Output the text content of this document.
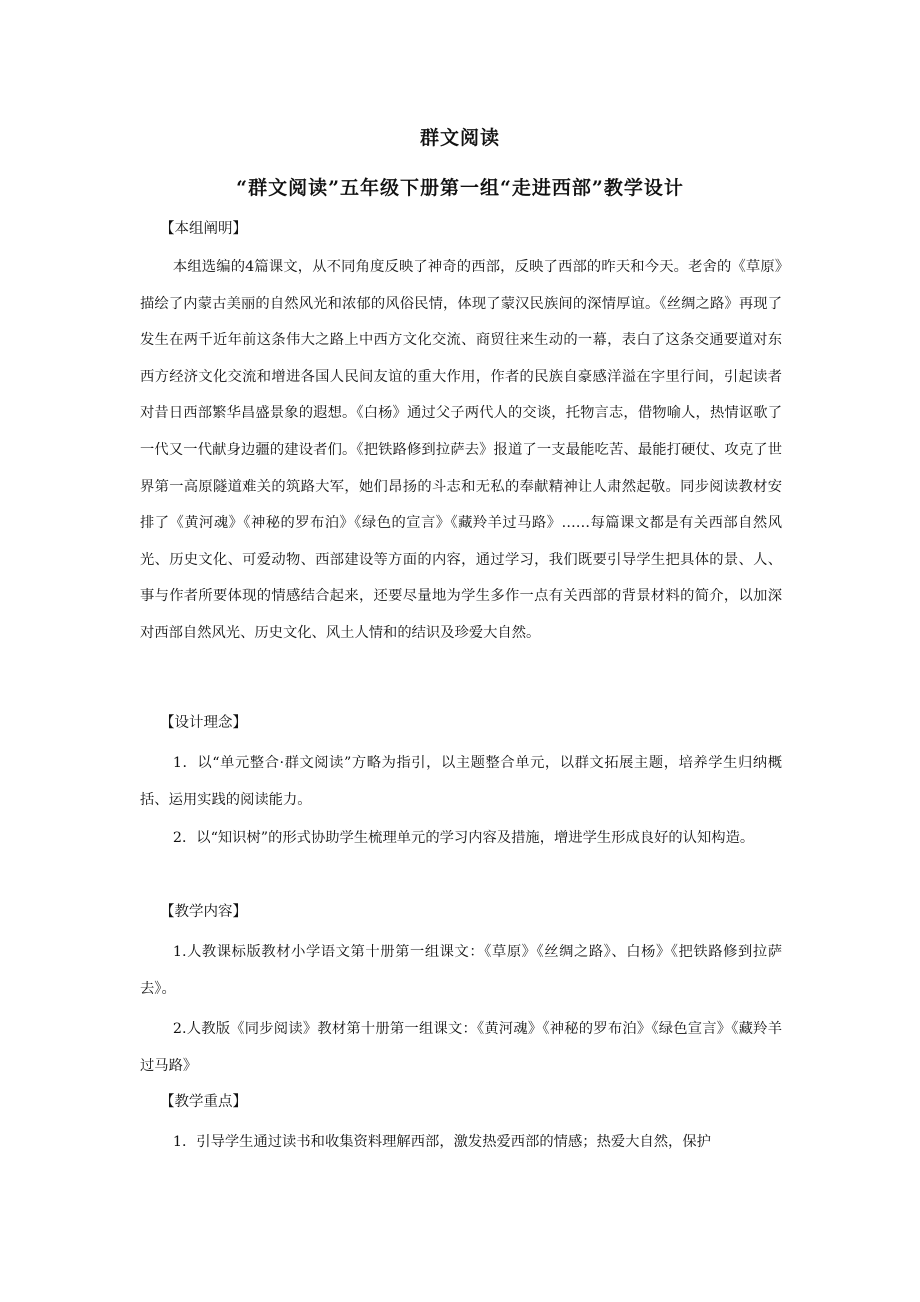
群文阅读
“群文阅读”五年级下册第一组“走进西部”教学设计
【本组阐明】

本组选编的4篇课文，从不同角度反映了神奇的西部，反映了西部的昨天和今天。老舍的《草原》描绘了内蒙古美丽的自然风光和浓郁的风俗民情，体现了蒙汉民族间的深情厚谊。《丝绸之路》再现了发生在两千近年前这条伟大之路上中西方文化交流、商贸往来生动的一幕，表白了这条交通要道对东西方经济文化交流和增进各国人民间友谊的重大作用，作者的民族自豪感洋溢在字里行间，引起读者对昔日西部繁华昌盛景象的遐想。《白杨》通过父子两代人的交谈，托物言志，借物喻人，热情讴歌了一代又一代献身边疆的建设者们。《把铁路修到拉萨去》报道了一支最能吃苦、最能打硬仗、攻克了世界第一高原隧道难关的筑路大军，她们昂扬的斗志和无私的奉献精神让人肃然起敬。同步阅读教材安排了《黄河魂》《神秘的罗布泊》《绿色的宣言》《藏羚羊过马路》……每篇课文都是有关西部自然风光、历史文化、可爱动物、西部建设等方面的内容，通过学习，我们既要引导学生把具体的景、人、事与作者所要体现的情感结合起来，还要尽量地为学生多作一点有关西部的背景材料的简介，以加深对西部自然风光、历史文化、风土人情和的结识及珍爱大自然。

【设计理念】

1．以“单元整合·群文阅读”方略为指引，以主题整合单元，以群文拓展主题，培养学生归纳概括、运用实践的阅读能力。

2．以“知识树”的形式协助学生梳理单元的学习内容及措施，增进学生形成良好的认知构造。

【教学内容】

1.人教课标版教材小学语文第十册第一组课文：《草原》《丝绸之路》、白杨》《把铁路修到拉萨去》。

2.人教版《同步阅读》教材第十册第一组课文：《黄河魂》《神秘的罗布泊》《绿色宣言》《藏羚羊过马路》

【教学重点】

1．引导学生通过读书和收集资料理解西部，激发热爱西部的情感；热爱大自然，保护
